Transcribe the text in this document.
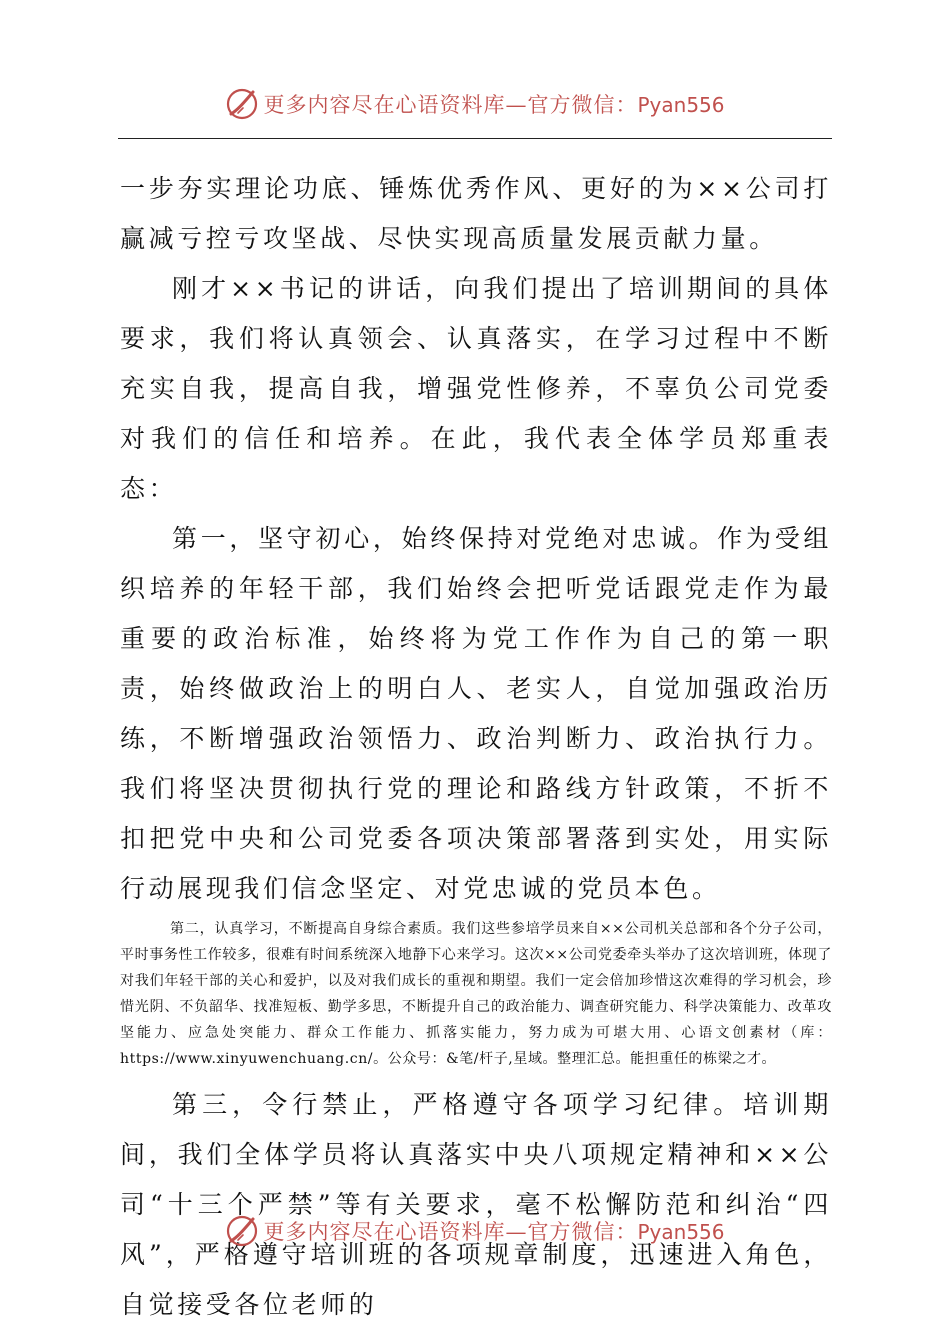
更多内容尽在心语资料库—官方微信：Pyan556

一步夯实理论功底、锤炼优秀作风、更好的为××公司打赢减亏控亏攻坚战、尽快实现高质量发展贡献力量。

刚才××书记的讲话，向我们提出了培训期间的具体要求，我们将认真领会、认真落实，在学习过程中不断充实自我，提高自我，增强党性修养，不辜负公司党委对我们的信任和培养。在此，我代表全体学员郑重表态：

第一，坚守初心，始终保持对党绝对忠诚。作为受组织培养的年轻干部，我们始终会把听党话跟党走作为最重要的政治标准，始终将为党工作作为自己的第一职责，始终做政治上的明白人、老实人，自觉加强政治历练，不断增强政治领悟力、政治判断力、政治执行力。我们将坚决贯彻执行党的理论和路线方针政策，不折不扣把党中央和公司党委各项决策部署落到实处，用实际行动展现我们信念坚定、对党忠诚的党员本色。

第二，认真学习，不断提高自身综合素质。我们这些参培学员来自××公司机关总部和各个分子公司，平时事务性工作较多，很难有时间系统深入地静下心来学习。这次××公司党委牵头举办了这次培训班，体现了对我们年轻干部的关心和爱护，以及对我们成长的重视和期望。我们一定会倍加珍惜这次难得的学习机会，珍惜光阴、不负韶华、找准短板、勤学多思，不断提升自己的政治能力、调查研究能力、科学决策能力、改革攻坚能力、应急处突能力、群众工作能力、抓落实能力，努力成为可堪大用、心语文创素材（库：https://www.xinyuwenchuang.cn/。公众号：&笔/杆子,星域。整理汇总。能担重任的栋梁之才。

第三，令行禁止，严格遵守各项学习纪律。培训期间，我们全体学员将认真落实中央八项规定精神和××公司“十三个严禁”等有关要求，毫不松懈防范和纠治“四风”，严格遵守培训班的各项规章制度，迅速进入角色，自觉接受各位老师的

更多内容尽在心语资料库—官方微信：Pyan556
